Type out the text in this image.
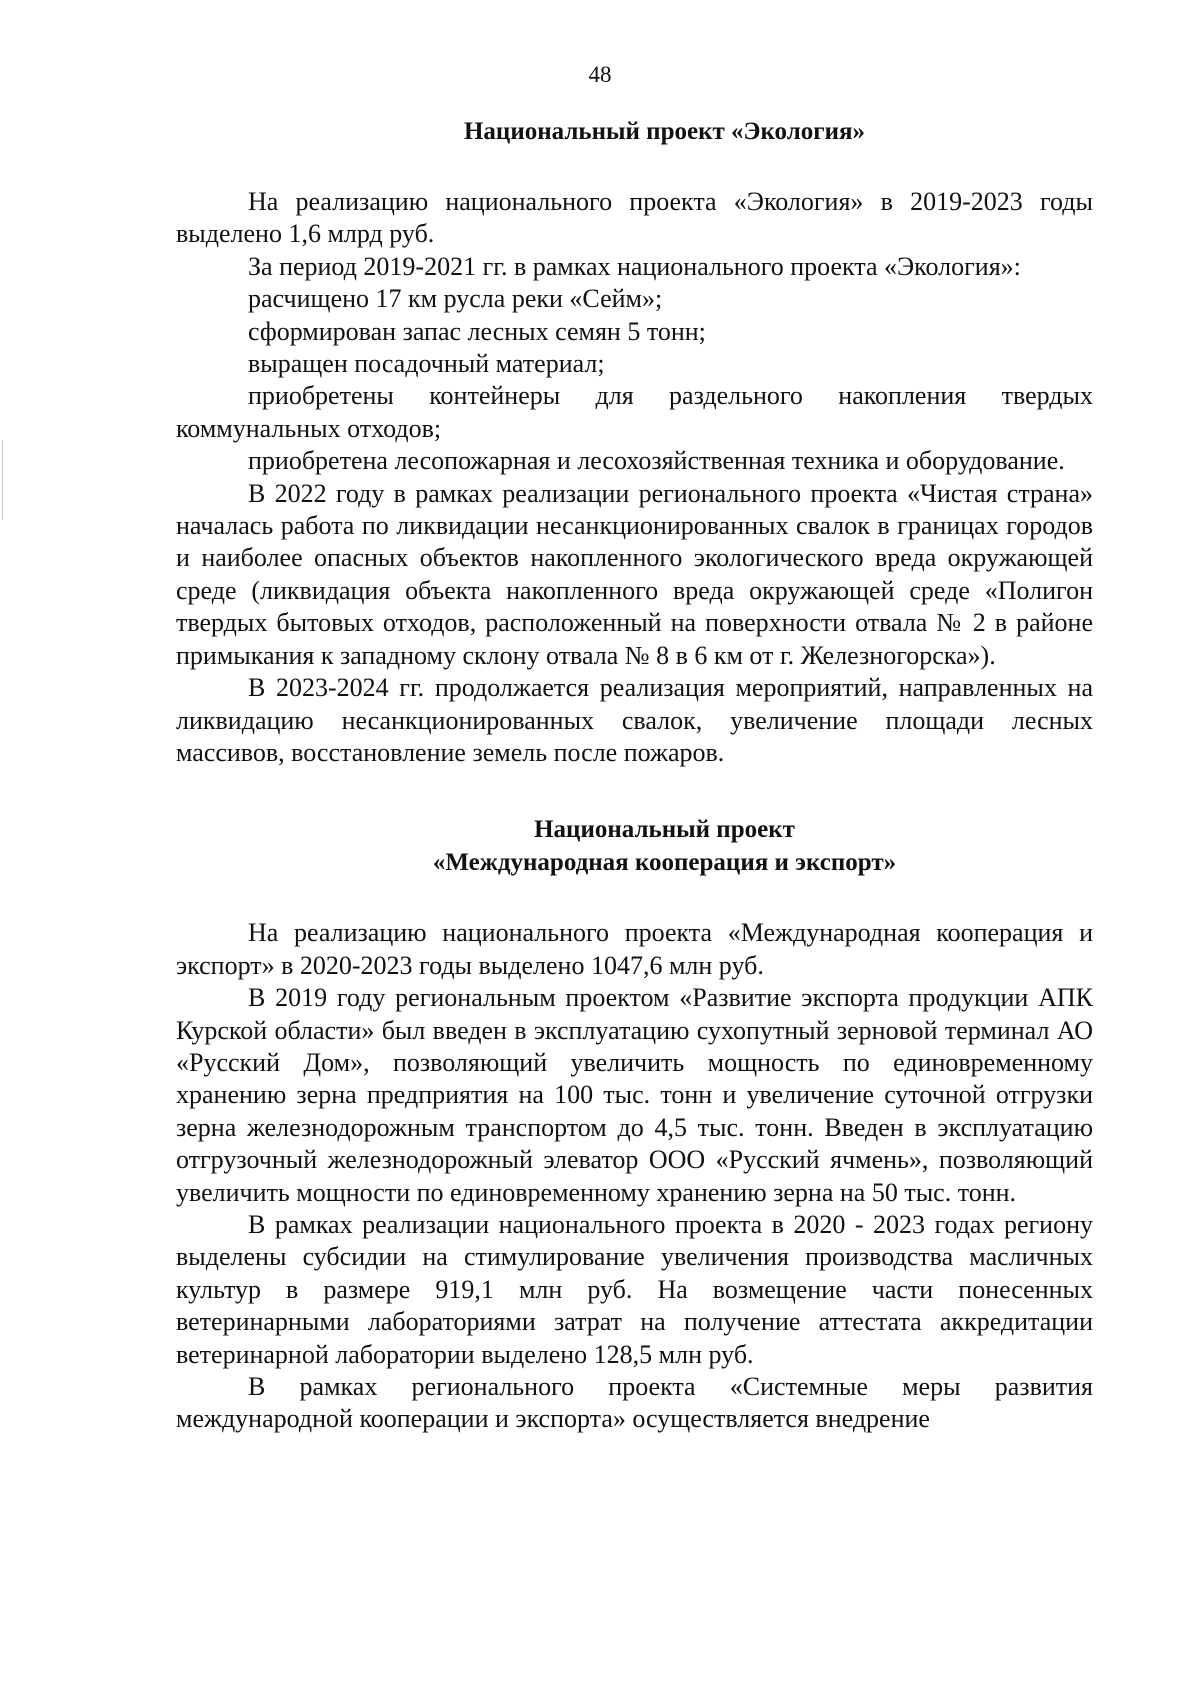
48
Национальный проект «Экология»

На реализацию национального проекта «Экология» в 2019-2023 годы выделено 1,6 млрд руб.

За период 2019-2021 гг. в рамках национального проекта «Экология»:

расчищено 17 км русла реки «Сейм»;

сформирован запас лесных семян 5 тонн;

выращен посадочный материал;

приобретены контейнеры для раздельного накопления твердых коммунальных отходов;

приобретена лесопожарная и лесохозяйственная техника и оборудование.

В 2022 году в рамках реализации регионального проекта «Чистая страна» началась работа по ликвидации несанкционированных свалок в границах городов и наиболее опасных объектов накопленного экологического вреда окружающей среде (ликвидация объекта накопленного вреда окружающей среде «Полигон твердых бытовых отходов, расположенный на поверхности отвала № 2 в районе примыкания к западному склону отвала № 8 в 6 км от г. Железногорска»).

В 2023-2024 гг. продолжается реализация мероприятий, направленных на ликвидацию несанкционированных свалок, увеличение площади лесных массивов, восстановление земель после пожаров.

Национальный проект
«Международная кооперация и экспорт»

На реализацию национального проекта «Международная кооперация и экспорт» в 2020-2023 годы выделено 1047,6 млн руб.

В 2019 году региональным проектом «Развитие экспорта продукции АПК Курской области» был введен в эксплуатацию сухопутный зерновой терминал АО «Русский Дом», позволяющий увеличить мощность по единовременному хранению зерна предприятия на 100 тыс. тонн и увеличение суточной отгрузки зерна железнодорожным транспортом до 4,5 тыс. тонн. Введен в эксплуатацию отгрузочный железнодорожный элеватор ООО «Русский ячмень», позволяющий увеличить мощности по единовременному хранению зерна на 50 тыс. тонн.

В рамках реализации национального проекта в 2020 - 2023 годах региону выделены субсидии на стимулирование увеличения производства масличных культур в размере 919,1 млн руб. На возмещение части понесенных ветеринарными лабораториями затрат на получение аттестата аккредитации ветеринарной лаборатории выделено 128,5 млн руб.

В рамках регионального проекта «Системные меры развития международной кооперации и экспорта» осуществляется внедрение
